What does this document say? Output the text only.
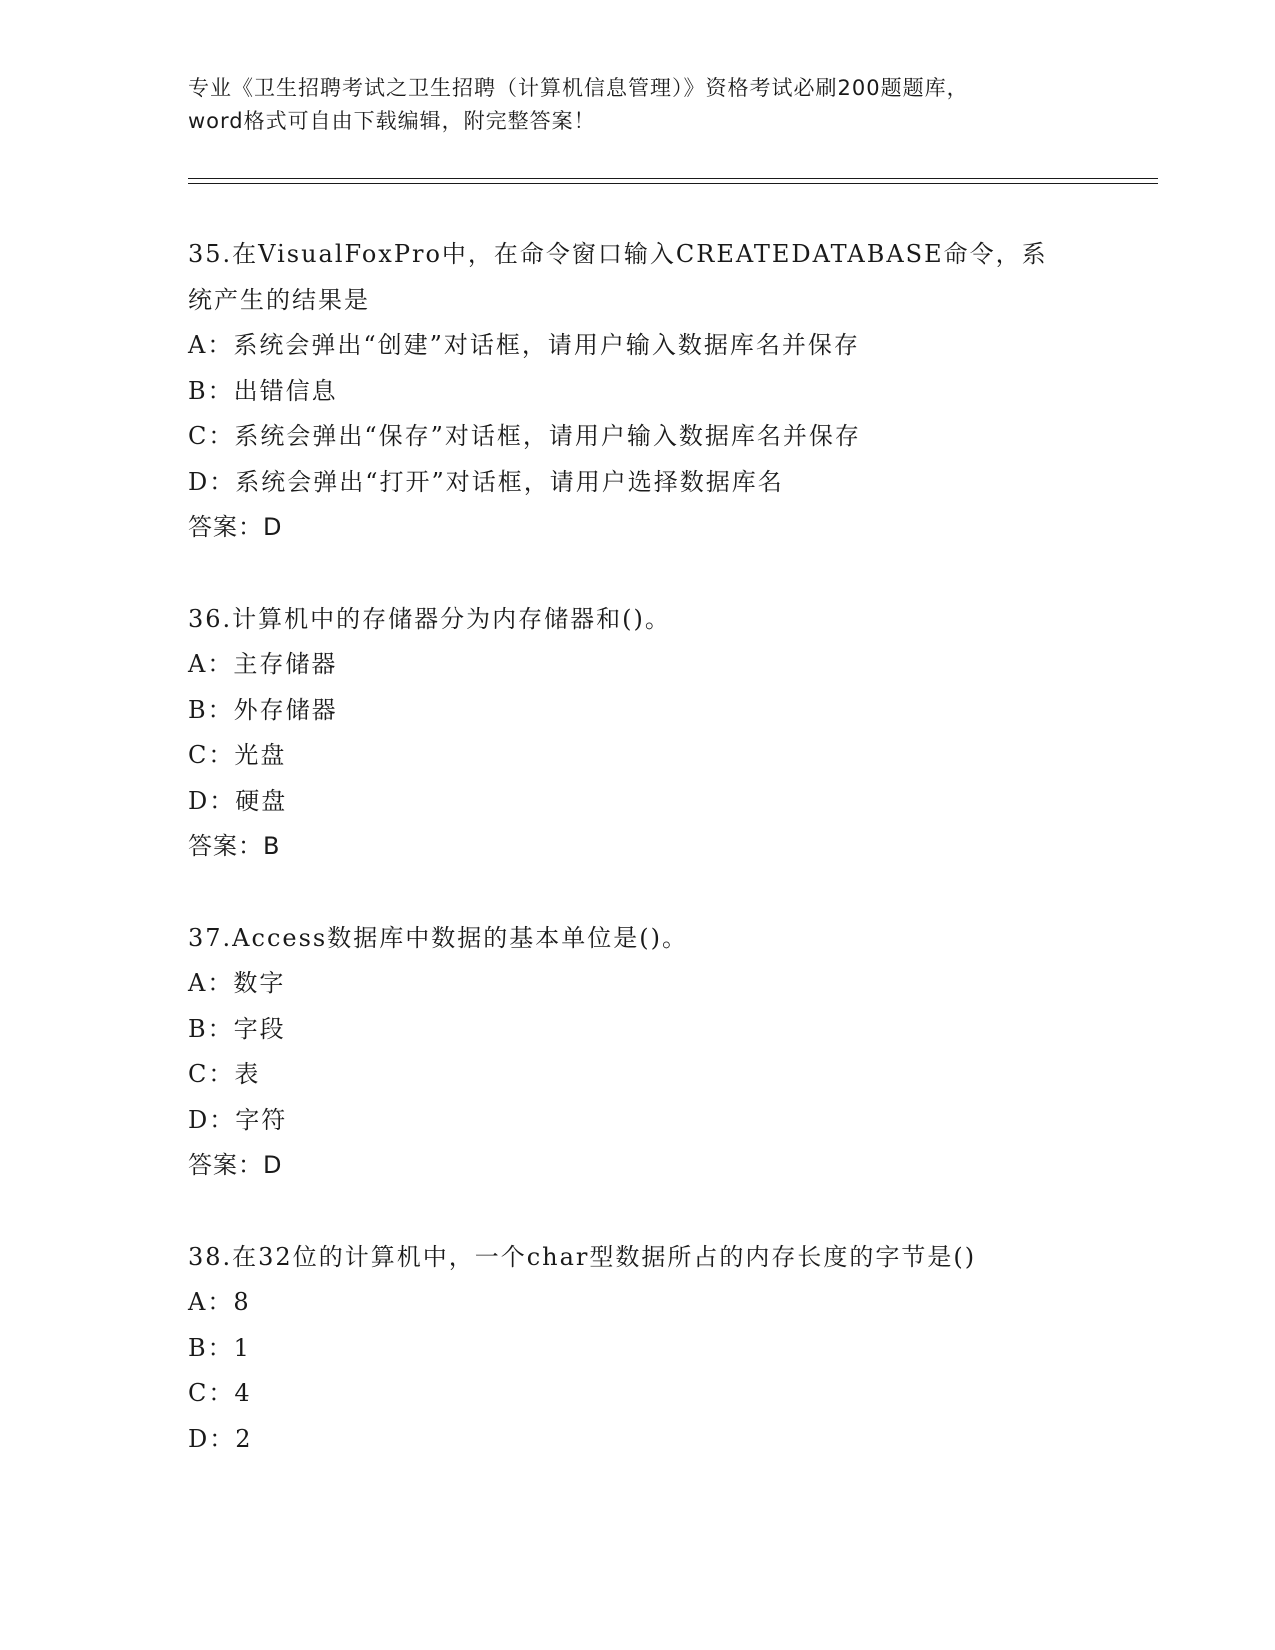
专业《卫生招聘考试之卫生招聘（计算机信息管理）》资格考试必刷200题题库，
word格式可自由下载编辑，附完整答案！
35.在VisualFoxPro中，在命令窗口输入CREATEDATABASE命令，系统产生的结果是
A：系统会弹出“创建”对话框，请用户输入数据库名并保存
B：出错信息
C：系统会弹出“保存”对话框，请用户输入数据库名并保存
D：系统会弹出“打开”对话框，请用户选择数据库名
答案：D
36.计算机中的存储器分为内存储器和()。
A：主存储器
B：外存储器
C：光盘
D：硬盘
答案：B
37.Access数据库中数据的基本单位是()。
A：数字
B：字段
C：表
D：字符
答案：D
38.在32位的计算机中，一个char型数据所占的内存长度的字节是()
A：8
B：1
C：4
D：2
